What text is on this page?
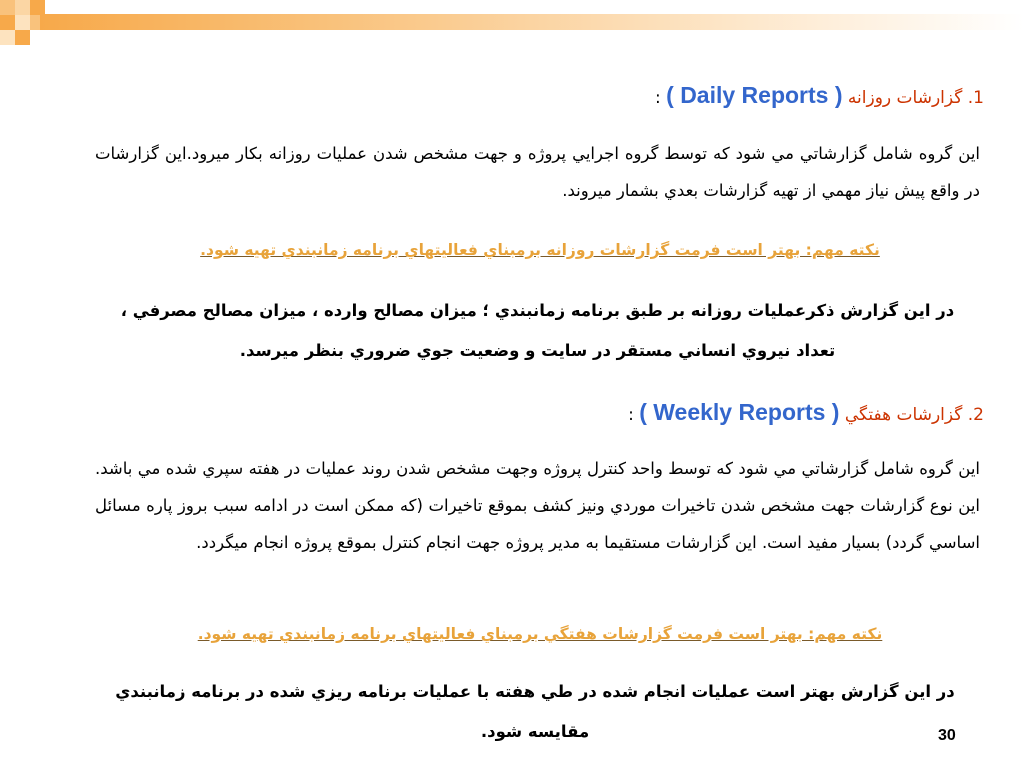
1. گزارشات روزانه ( Daily Reports ) :
اين گروه شامل گزارشاتي مي شود كه توسط گروه اجرايي پروژه و جهت مشخص شدن عمليات روزانه بكار ميرود.اين گزارشات در واقع پيش نياز مهمي از تهيه گزارشات بعدي بشمار ميروند.
نكته مهم: بهتر است فرمت گزارشات روزانه برمبناي فعاليتهاي برنامه زمانبندي تهيه شود.
در اين گزارش ذكرعمليات روزانه بر طبق برنامه زمانبندي ؛ ميزان مصالح وارده ، ميزان مصالح مصرفي ، تعداد نيروي انساني مستقر در سايت و وضعيت جوي ضروري بنظر ميرسد.
2. گزارشات هفتگي ( Weekly Reports ) :
اين گروه شامل گزارشاتي مي شود كه توسط واحد كنترل پروژه وجهت مشخص شدن روند عمليات در هفته سپري شده مي باشد. اين نوع گزارشات جهت مشخص شدن تاخيرات موردي ونيز كشف بموقع تاخيرات (كه ممكن است در ادامه سبب بروز پاره مسائل اساسي گردد) بسيار مفيد است. اين گزارشات مستقيما به مدير پروژه جهت انجام كنترل بموقع پروژه انجام ميگردد.
نكته مهم: بهتر است فرمت گزارشات هفتگي برمبناي فعاليتهاي برنامه زمانبندي تهيه شود.
در اين گزارش بهتر است عمليات انجام شده در طي هفته با عمليات برنامه ريزي شده در برنامه زمانبندي مقايسه شود.	30
